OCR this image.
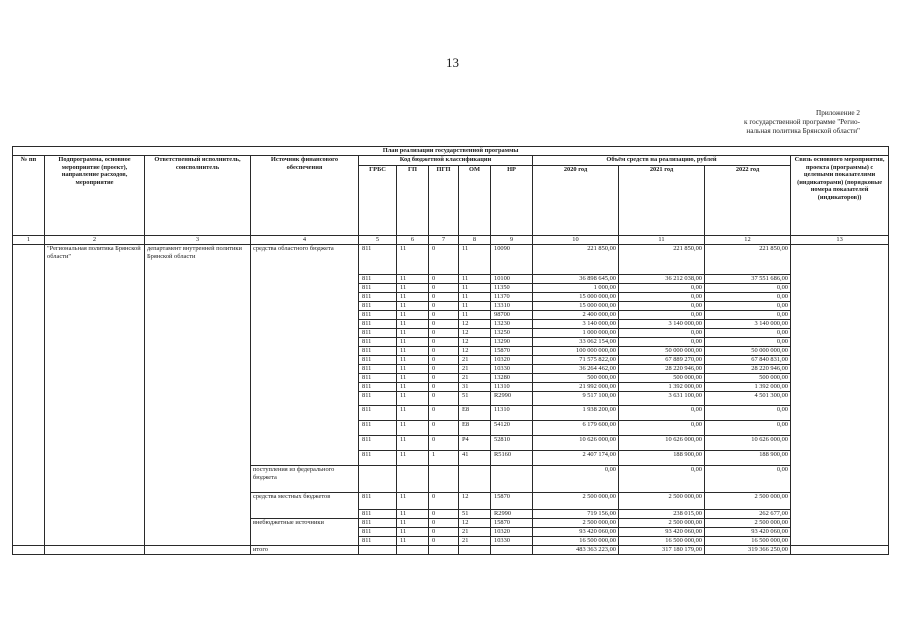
13
Приложение 2
к государственной программе "Регио-
нальная политика Брянской области"
План реализации государственной программы												
№ пп	Подпрограмма, основное мероприятие (проект), направление расходов, мероприятие	Ответственный исполнитель, соисполнитель	Источник финансового обеспечения	Код бюджетной классификации					Объём средств на реализацию, рублей			Связь основного мероприятия, проекта (программы) с целевыми показателями (индикаторами) (порядковые номера показателей (индикаторов))
				ГРБС	ГП	ПГП	ОМ	НР	2020 год	2021 год	2022 год	
1	2	3	4	5	6	7	8	9	10	11	12	13
	"Региональная политика Брянской области"	департамент внутренней политики Брянской области	средства областного бюджета	811	11	0	11	10090	221 850,00	221 850,00	221 850,00	
				811	11	0	11	10100	36 898 645,00	36 212 038,00	37 551 686,00	
				811	11	0	11	11350	1 000,00	0,00	0,00	
				811	11	0	11	11370	15 000 000,00	0,00	0,00	
				811	11	0	11	13310	15 000 000,00	0,00	0,00	
				811	11	0	11	98700	2 400 000,00	0,00	0,00	
				811	11	0	12	13230	3 140 000,00	3 140 000,00	3 140 000,00	
				811	11	0	12	13250	1 000 000,00	0,00	0,00	
				811	11	0	12	13290	33 062 154,00	0,00	0,00	
				811	11	0	12	15870	100 000 000,00	50 000 000,00	50 000 000,00	
				811	11	0	21	10320	71 575 822,00	67 889 270,00	67 840 831,00	
				811	11	0	21	10330	36 264 462,00	28 220 946,00	28 220 946,00	
				811	11	0	21	13280	500 000,00	500 000,00	500 000,00	
				811	11	0	31	11310	21 992 000,00	1 392 000,00	1 392 000,00	
				811	11	0	51	R2990	9 517 100,00	3 631 100,00	4 501 300,00	
				811	11	0	E8	11310	1 938 200,00	0,00	0,00	
				811	11	0	E8	54120	6 179 600,00	0,00	0,00	
				811	11	0	P4	52810	10 626 000,00	10 626 000,00	10 626 000,00	
				811	11	1	41	R5160	2 407 174,00	188 900,00	188 900,00	
			поступления из федерального бюджета						0,00	0,00	0,00	
			средства местных бюджетов	811	11	0	12	15870	2 500 000,00	2 500 000,00	2 500 000,00	
				811	11	0	51	R2990	719 156,00	238 015,00	262 677,00	
			внебюджетные источники	811	11	0	12	15870	2 500 000,00	2 500 000,00	2 500 000,00	
				811	11	0	21	10320	93 420 060,00	93 420 060,00	93 420 060,00	
				811	11	0	21	10330	16 500 000,00	16 500 000,00	16 500 000,00	
			итого						483 363 223,00	317 180 179,00	319 366 250,00	
